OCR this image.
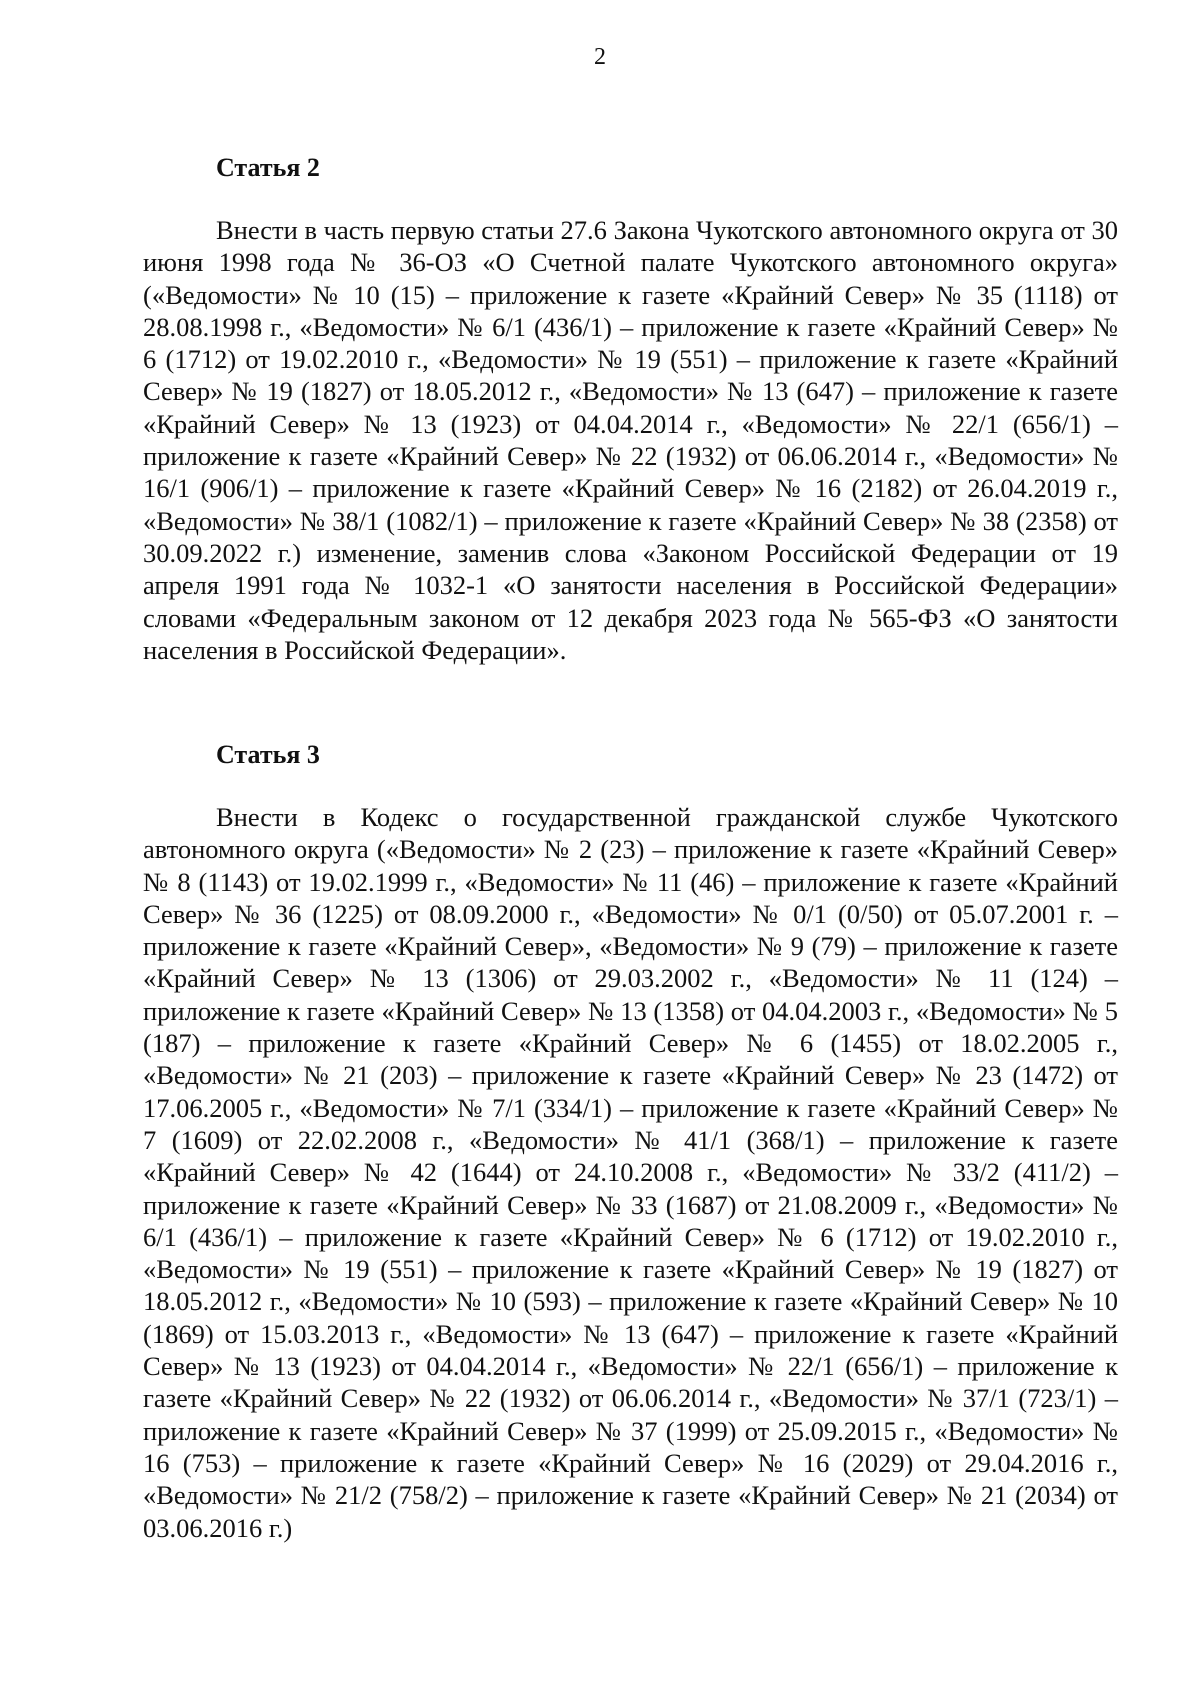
2
Статья 2

Внести в часть первую статьи 27.6 Закона Чукотского автономного округа от 30 июня 1998 года № 36-ОЗ «О Счетной палате Чукотского автономного округа» («Ведомости» № 10 (15) – приложение к газете «Крайний Север» № 35 (1118) от 28.08.1998 г., «Ведомости» № 6/1 (436/1) – приложение к газете «Крайний Север» № 6 (1712) от 19.02.2010 г., «Ведомости» № 19 (551) – приложение к газете «Крайний Север» № 19 (1827) от 18.05.2012 г., «Ведомости» № 13 (647) – приложение к газете «Крайний Север» № 13 (1923) от 04.04.2014 г., «Ведомости» № 22/1 (656/1) – приложение к газете «Крайний Север» № 22 (1932) от 06.06.2014 г., «Ведомости» № 16/1 (906/1) – приложение к газете «Крайний Север» № 16 (2182) от 26.04.2019 г., «Ведомости» № 38/1 (1082/1) – приложение к газете «Крайний Север» № 38 (2358) от 30.09.2022 г.) изменение, заменив слова «Законом Российской Федерации от 19 апреля 1991 года № 1032-1 «О занятости населения в Российской Федерации» словами «Федеральным законом от 12 декабря 2023 года № 565-ФЗ «О занятости населения в Российской Федерации».

Статья 3

Внести в Кодекс о государственной гражданской службе Чукотского автономного округа («Ведомости» № 2 (23) – приложение к газете «Крайний Север» № 8 (1143) от 19.02.1999 г., «Ведомости» № 11 (46) – приложение к газете «Крайний Север» № 36 (1225) от 08.09.2000 г., «Ведомости» № 0/1 (0/50) от 05.07.2001 г. – приложение к газете «Крайний Север», «Ведомости» № 9 (79) – приложение к газете «Крайний Север» № 13 (1306) от 29.03.2002 г., «Ведомости» № 11 (124) – приложение к газете «Крайний Север» № 13 (1358) от 04.04.2003 г., «Ведомости» № 5 (187) – приложение к газете «Крайний Север» № 6 (1455) от 18.02.2005 г., «Ведомости» № 21 (203) – приложение к газете «Крайний Север» № 23 (1472) от 17.06.2005 г., «Ведомости» № 7/1 (334/1) – приложение к газете «Крайний Север» № 7 (1609) от 22.02.2008 г., «Ведомости» № 41/1 (368/1) – приложение к газете «Крайний Север» № 42 (1644) от 24.10.2008 г., «Ведомости» № 33/2 (411/2) – приложение к газете «Крайний Север» № 33 (1687) от 21.08.2009 г., «Ведомости» № 6/1 (436/1) – приложение к газете «Крайний Север» № 6 (1712) от 19.02.2010 г., «Ведомости» № 19 (551) – приложение к газете «Крайний Север» № 19 (1827) от 18.05.2012 г., «Ведомости» № 10 (593) – приложение к газете «Крайний Север» № 10 (1869) от 15.03.2013 г., «Ведомости» № 13 (647) – приложение к газете «Крайний Север» № 13 (1923) от 04.04.2014 г., «Ведомости» № 22/1 (656/1) – приложение к газете «Крайний Север» № 22 (1932) от 06.06.2014 г., «Ведомости» № 37/1 (723/1) – приложение к газете «Крайний Север» № 37 (1999) от 25.09.2015 г., «Ведомости» № 16 (753) – приложение к газете «Крайний Север» № 16 (2029) от 29.04.2016 г., «Ведомости» № 21/2 (758/2) – приложение к газете «Крайний Север» № 21 (2034) от 03.06.2016 г.)
